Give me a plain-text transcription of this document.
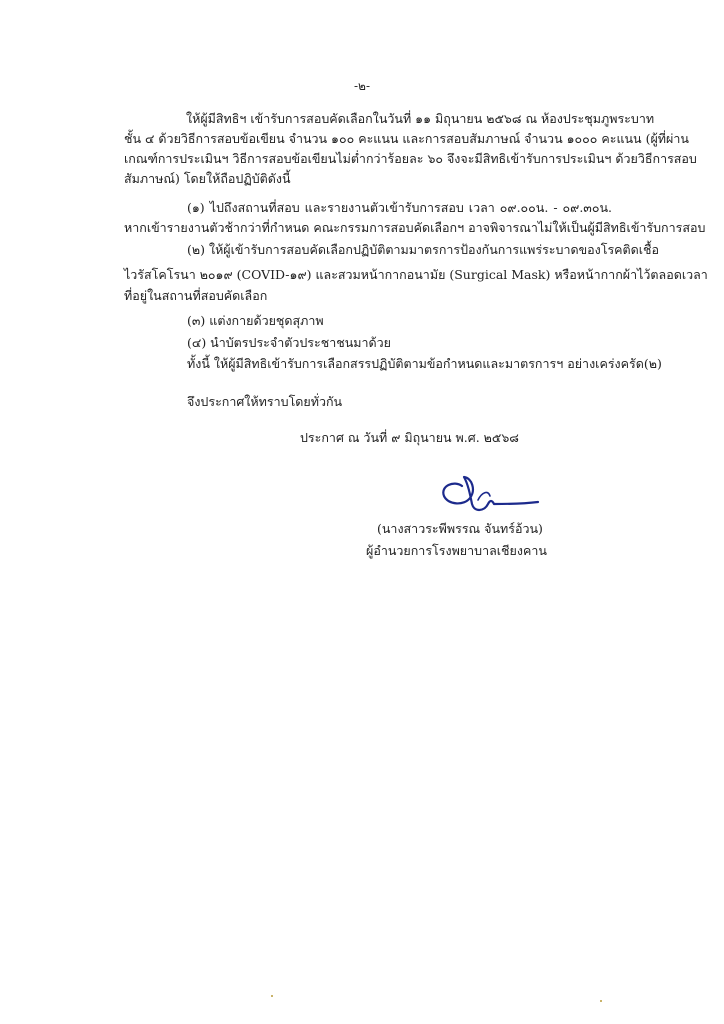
-๒-
ให้ผู้มีสิทธิฯ เข้ารับการสอบคัดเลือกในวันที่ ๑๑ มิถุนายน ๒๕๖๘ ณ ห้องประชุมภูพระบาท
ชั้น ๔ ด้วยวิธีการสอบข้อเขียน จำนวน ๑๐๐ คะแนน และการสอบสัมภาษณ์ จำนวน ๑๐๐๐ คะแนน (ผู้ที่ผ่าน
เกณฑ์การประเมินฯ วิธีการสอบข้อเขียนไม่ต่ำกว่าร้อยละ ๖๐ จึงจะมีสิทธิเข้ารับการประเมินฯ ด้วยวิธีการสอบ
สัมภาษณ์) โดยให้ถือปฏิบัติดังนี้
(๑) ไปถึงสถานที่สอบ และรายงานตัวเข้ารับการสอบ เวลา ๐๙.๐๐น. - ๐๙.๓๐น.
หากเข้ารายงานตัวช้ากว่าที่กำหนด คณะกรรมการสอบคัดเลือกฯ อาจพิจารณาไม่ให้เป็นผู้มีสิทธิเข้ารับการสอบ
(๒) ให้ผู้เข้ารับการสอบคัดเลือกปฏิบัติตามมาตรการป้องกันการแพร่ระบาดของโรคติดเชื้อ
ไวรัสโคโรนา ๒๐๑๙ (COVID-๑๙) และสวมหน้ากากอนามัย (Surgical Mask) หรือหน้ากากผ้าไว้ตลอดเวลา
ที่อยู่ในสถานที่สอบคัดเลือก
(๓) แต่งกายด้วยชุดสุภาพ
(๔) นำบัตรประจำตัวประชาชนมาด้วย
ทั้งนี้ ให้ผู้มีสิทธิเข้ารับการเลือกสรรปฏิบัติตามข้อกำหนดและมาตรการฯ อย่างเคร่งครัด(๒)
จึงประกาศให้ทราบโดยทั่วกัน
ประกาศ ณ วันที่ ๙ มิถุนายน พ.ศ. ๒๕๖๘
(นางสาวระพีพรรณ จันทร์อ้วน)
ผู้อำนวยการโรงพยาบาลเชียงคาน
